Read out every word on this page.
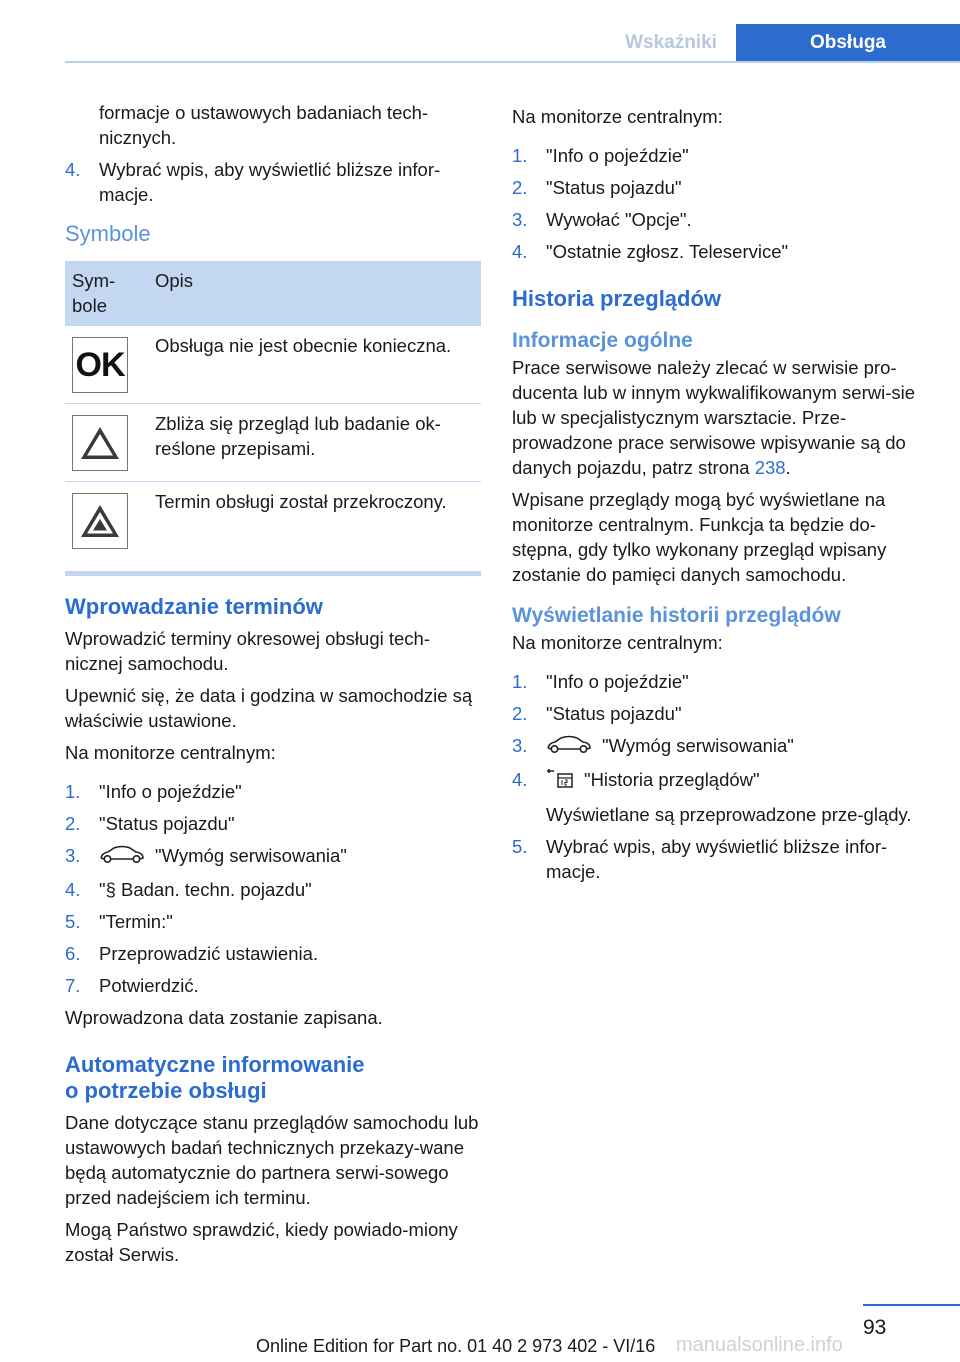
Wskaźniki	Obsługa

formacje o ustawowych badaniach tech-nicznych.

4.	Wybrać wpis, aby wyświetlić bliższe infor-macje.
Symbole
Sym-bole	Opis

OK	Obsługa nie jest obecnie konieczna.

	Zbliża się przegląd lub badanie ok-reślone przepisami.

	Termin obsługi został przekroczony.
Wprowadzanie terminów

Wprowadzić terminy okresowej obsługi tech-nicznej samochodu.

Upewnić się, że data i godzina w samochodzie są właściwie ustawione.

Na monitorze centralnym:

1.	"Info o pojeździe"
2.	"Status pojazdu"
3.	"Wymóg serwisowania"
4.	"§ Badan. techn. pojazdu"
5.	"Termin:"
6.	Przeprowadzić ustawienia.
7.	Potwierdzić.

Wprowadzona data zostanie zapisana.

Automatyczne informowanie
o potrzebie obsługi

Dane dotyczące stanu przeglądów samochodu lub ustawowych badań technicznych przekazy-wane będą automatycznie do partnera serwi-sowego przed nadejściem ich terminu.

Mogą Państwo sprawdzić, kiedy powiado-miony został Serwis.

Na monitorze centralnym:

1.	"Info o pojeździe"
2.	"Status pojazdu"
3.	Wywołać "Opcje".
4.	"Ostatnie zgłosz. Teleservice"
Historia przeglądów
Informacje ogólne

Prace serwisowe należy zlecać w serwisie pro-ducenta lub w innym wykwalifikowanym serwi-sie lub w specjalistycznym warsztacie. Prze-prowadzone prace serwisowe wpisywanie są do danych pojazdu, patrz strona 238.

Wpisane przeglądy mogą być wyświetlane na monitorze centralnym. Funkcja ta będzie do-stępna, gdy tylko wykonany przegląd wpisany zostanie do pamięci danych samochodu.

Wyświetlanie historii przeglądów

Na monitorze centralnym:

1.	"Info o pojeździe"
2.	"Status pojazdu"
3.	"Wymóg serwisowania"
4.	"Historia przeglądów"

Wyświetlane są przeprowadzone prze-glądy.
5.	Wybrać wpis, aby wyświetlić bliższe infor-macje.
93
Online Edition for Part no. 01 40 2 973 402 - VI/16 manualsonline.info
